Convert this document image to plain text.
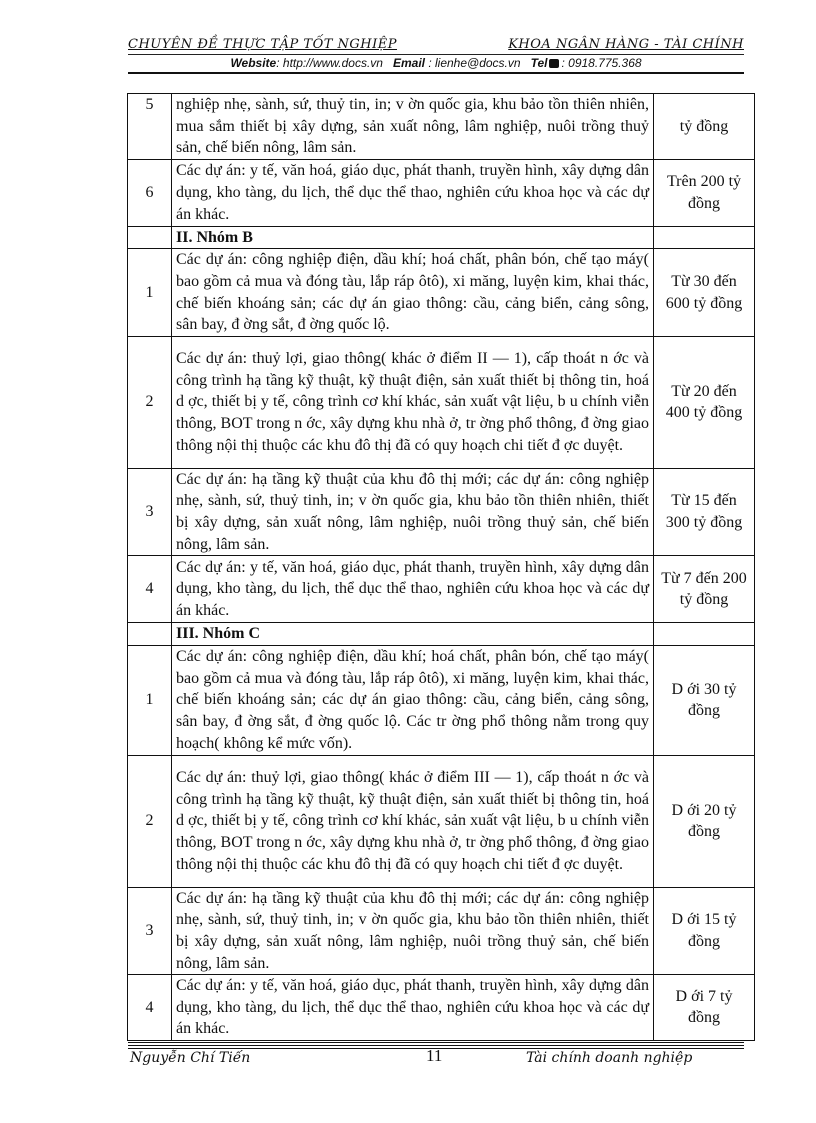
CHUYÊN ĐỀ THỰC TẬP TỐT NGHIỆP	KHOA NGÂN HÀNG - TÀI CHÍNH
Website: http://www.docs.vn Email : lienhe@docs.vn Tel : 0918.775.368
5	nghiệp nhẹ, sành, sứ, thuỷ tin, in; v ờn quốc gia, khu bảo tồn thiên nhiên, mua sắm thiết bị xây dựng, sản xuất nông, lâm nghiệp, nuôi trồng thuỷ sản, chế biến nông, lâm sản.	tỷ đồng
6	Các dự án: y tế, văn hoá, giáo dục, phát thanh, truyền hình, xây dựng dân dụng, kho tàng, du lịch, thể dục thể thao, nghiên cứu khoa học và các dự án khác.	Trên 200 tỷ đồng
	II. Nhóm B	
1	Các dự án: công nghiệp điện, dầu khí; hoá chất, phân bón, chế tạo máy( bao gồm cả mua và đóng tàu, lắp ráp ôtô), xi măng, luyện kim, khai thác, chế biến khoáng sản; các dự án giao thông: cầu, cảng biển, cảng sông, sân bay, đ ờng sắt, đ ờng quốc lộ.	Từ 30 đến 600 tỷ đồng
2	Các dự án: thuỷ lợi, giao thông( khác ở điểm II — 1), cấp thoát n ớc và công trình hạ tầng kỹ thuật, kỹ thuật điện, sản xuất thiết bị thông tin, hoá d ợc, thiết bị y tế, công trình cơ khí khác, sản xuất vật liệu, b u chính viễn thông, BOT trong n ớc, xây dựng khu nhà ở, tr ờng phổ thông, đ ờng giao thông nội thị thuộc các khu đô thị đã có quy hoạch chi tiết đ ợc duyệt.	Từ 20 đến 400 tỷ đồng
3	Các dự án: hạ tầng kỹ thuật của khu đô thị mới; các dự án: công nghiệp nhẹ, sành, sứ, thuỷ tinh, in; v ờn quốc gia, khu bảo tồn thiên nhiên, thiết bị xây dựng, sản xuất nông, lâm nghiệp, nuôi trồng thuỷ sản, chế biến nông, lâm sản.	Từ 15 đến 300 tỷ đồng
4	Các dự án: y tế, văn hoá, giáo dục, phát thanh, truyền hình, xây dựng dân dụng, kho tàng, du lịch, thể dục thể thao, nghiên cứu khoa học và các dự án khác.	Từ 7 đến 200 tỷ đồng
	III. Nhóm C	
1	Các dự án: công nghiệp điện, dầu khí; hoá chất, phân bón, chế tạo máy( bao gồm cả mua và đóng tàu, lắp ráp ôtô), xi măng, luyện kim, khai thác, chế biến khoáng sản; các dự án giao thông: cầu, cảng biển, cảng sông, sân bay, đ ờng sắt, đ ờng quốc lộ. Các tr ờng phổ thông nằm trong quy hoạch( không kể mức vốn).	D ới 30 tỷ đồng
2	Các dự án: thuỷ lợi, giao thông( khác ở điểm III — 1), cấp thoát n ớc và công trình hạ tầng kỹ thuật, kỹ thuật điện, sản xuất thiết bị thông tin, hoá d ợc, thiết bị y tế, công trình cơ khí khác, sản xuất vật liệu, b u chính viễn thông, BOT trong n ớc, xây dựng khu nhà ở, tr ờng phổ thông, đ ờng giao thông nội thị thuộc các khu đô thị đã có quy hoạch chi tiết đ ợc duyệt.	D ới 20 tỷ đồng
3	Các dự án: hạ tầng kỹ thuật của khu đô thị mới; các dự án: công nghiệp nhẹ, sành, sứ, thuỷ tinh, in; v ờn quốc gia, khu bảo tồn thiên nhiên, thiết bị xây dựng, sản xuất nông, lâm nghiệp, nuôi trồng thuỷ sản, chế biến nông, lâm sản.	D ới 15 tỷ đồng
4	Các dự án: y tế, văn hoá, giáo dục, phát thanh, truyền hình, xây dựng dân dụng, kho tàng, du lịch, thể dục thể thao, nghiên cứu khoa học và các dự án khác.	D ới 7 tỷ đồng
Nguyễn Chí Tiến	11	Tài chính doanh nghiệp
